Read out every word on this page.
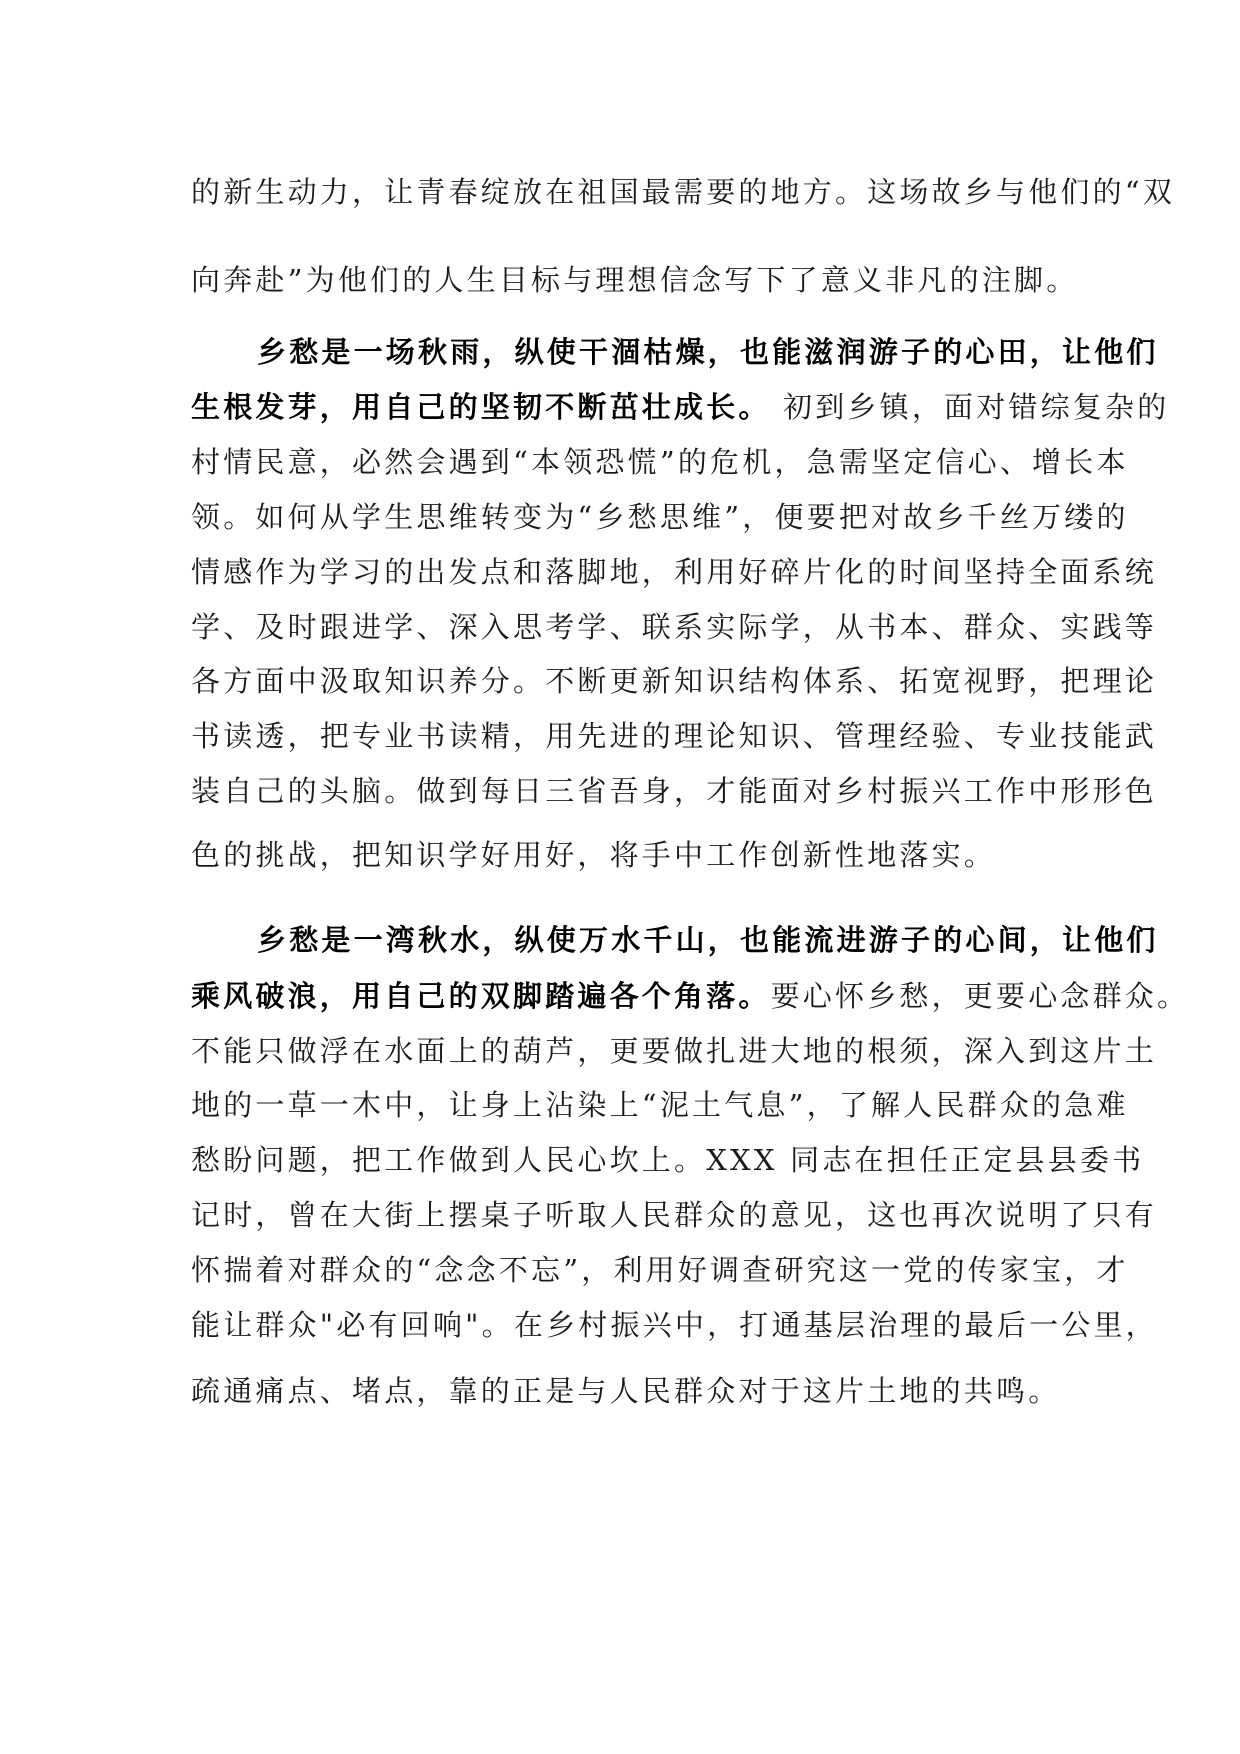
的新生动力，让青春绽放在祖国最需要的地方。这场故乡与他们的“双

向奔赴”为他们的人生目标与理想信念写下了意义非凡的注脚。

乡愁是一场秋雨，纵使干涸枯燥，也能滋润游子的心田，让他们

生根发芽，用自己的坚韧不断茁壮成长。 初到乡镇，面对错综复杂的

村情民意，必然会遇到“本领恐慌”的危机，急需坚定信心、增长本

领。如何从学生思维转变为“乡愁思维”，便要把对故乡千丝万缕的

情感作为学习的出发点和落脚地，利用好碎片化的时间坚持全面系统

学、及时跟进学、深入思考学、联系实际学，从书本、群众、实践等

各方面中汲取知识养分。不断更新知识结构体系、拓宽视野，把理论

书读透，把专业书读精，用先进的理论知识、管理经验、专业技能武

装自己的头脑。做到每日三省吾身，才能面对乡村振兴工作中形形色

色的挑战，把知识学好用好，将手中工作创新性地落实。

乡愁是一湾秋水，纵使万水千山，也能流进游子的心间，让他们

乘风破浪，用自己的双脚踏遍各个角落。要心怀乡愁，更要心念群众。

不能只做浮在水面上的葫芦，更要做扎进大地的根须，深入到这片土

地的一草一木中，让身上沾染上“泥土气息”，了解人民群众的急难

愁盼问题，把工作做到人民心坎上。XXX 同志在担任正定县县委书

记时，曾在大街上摆桌子听取人民群众的意见，这也再次说明了只有

怀揣着对群众的“念念不忘”，利用好调查研究这一党的传家宝，才

能让群众"必有回响"。在乡村振兴中，打通基层治理的最后一公里，

疏通痛点、堵点，靠的正是与人民群众对于这片土地的共鸣。
